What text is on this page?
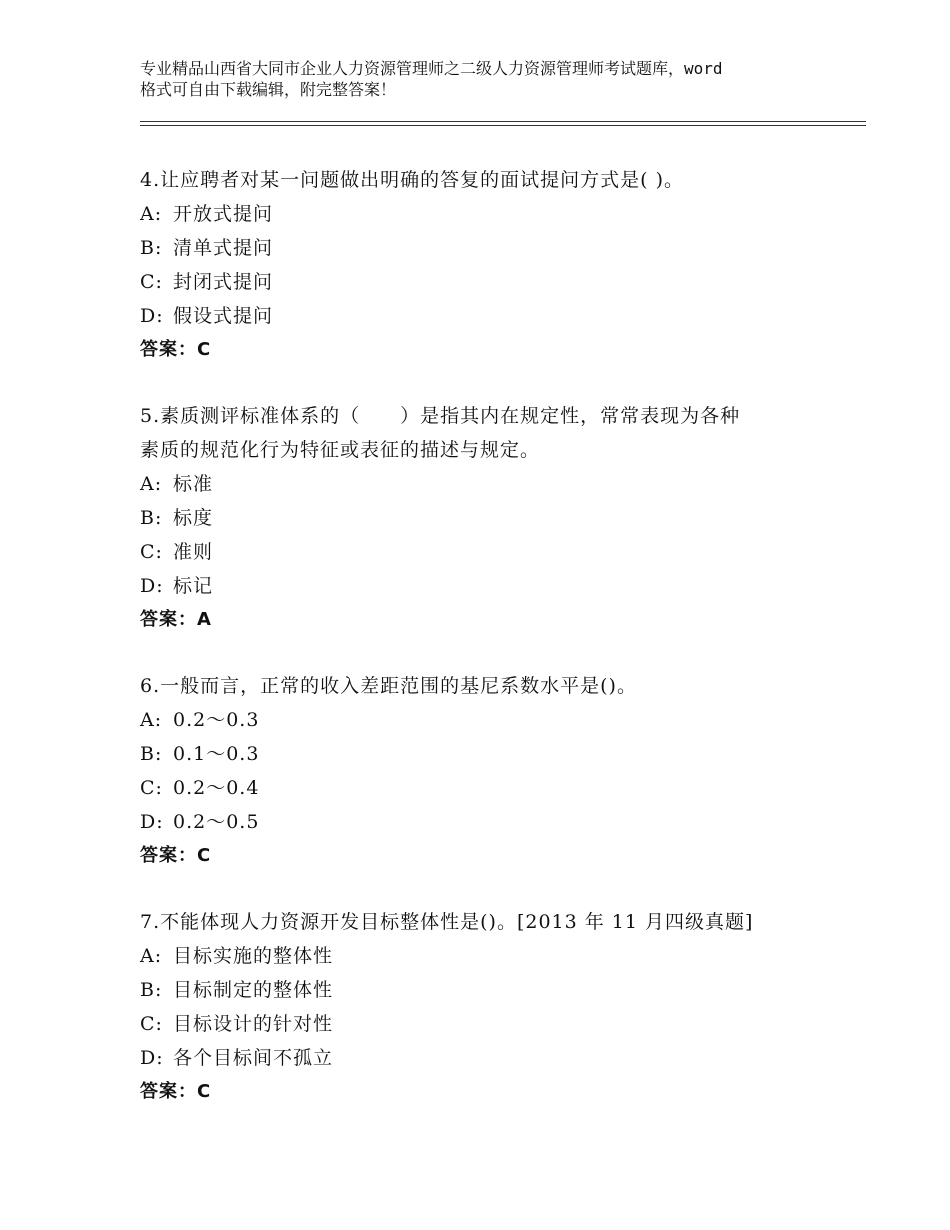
专业精品山西省大同市企业人力资源管理师之二级人力资源管理师考试题库，word
格式可自由下载编辑，附完整答案！
4.让应聘者对某一问题做出明确的答复的面试提问方式是( )。
A: 开放式提问
B: 清单式提问
C: 封闭式提问
D: 假设式提问
答案：C
5.素质测评标准体系的（　　）是指其内在规定性，常常表现为各种
素质的规范化行为特征或表征的描述与规定。
A: 标准
B: 标度
C: 准则
D: 标记
答案：A
6.一般而言，正常的收入差距范围的基尼系数水平是()。
A: 0.2～0.3
B: 0.1～0.3
C: 0.2～0.4
D: 0.2～0.5
答案：C
7.不能体现人力资源开发目标整体性是()。[2013 年 11 月四级真题]
A: 目标实施的整体性
B: 目标制定的整体性
C: 目标设计的针对性
D: 各个目标间不孤立
答案：C
